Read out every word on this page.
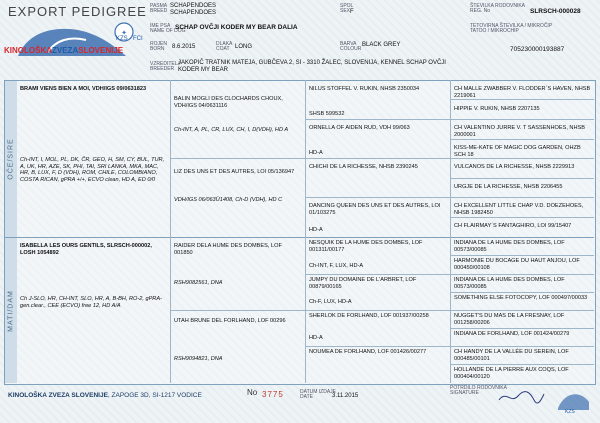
EXPORT PEDIGREE
✦
KZS - FCI
KINOLOŠKAZVEZASLOVENIJE
PASMA
BREED
SCHAPENDOES
SCHAPENDOES
SPOL
SEX F
ŠTEVILKA RODOVNIKA
REG. No	SLRSCH-000028
IME PSA
NAME OF DOG
SCHAP OVČJI KODER MY BEAR DALIA	TETOVIRNA ŠTEVILKA / MIKROČIP
TATOO / MIKROCHIP
ROJEN
BORN	8.6.2015	DLAKA
COAT LONG	BARVA
COLOUR
BLACK GREY
705230000193887
VZREDITELJ
BREEDER
JAKOPIČ TRATNIK MATEJA, GUBČEVA 2, SI - 3310 ŽALEC, SLOVENIJA, KENNEL SCHAP OVČJI
KODER MY BEAR
OČE/SIRE
MATI/DAM
BRAMI VIENS BIEN A MOI, VDH/IGS 09/0631823
Ch-INT, I, MOL, PL, DK, ČR, GEO, H, SM, CY, BUL, TUR, A, UK, HR, AZE, SK, PHI, TAI, SRI LANKA, MKA, MAC, HR, B, LUX, F, D (VDH), ROM, CHILE, COLOMBIANO, COSTA RICAN, gPRA +/+, ECVO clean, HD A, ED 0/0
BALIN MOGLI DES CLOCHARDS CHOUX, VDH/IGS 04/0631116
Ch-INT, A, PL, CR, LUX, CH, I, D(VDH), HD A
LIZ DES UNS ET DES AUTRES, LOI 05/136947
VDH/IGS 06/063Ü1408, Ch-D (VDH), HD C
NILUS STOFFEL V. RUKIN, NHSB 2350034
SHSB 599532
ORNELLA OF AIDEN RUD, VDH 99/063
HD-A
CHICHI DE LA RICHESSE, NHSB 2390245
DANCING QUEEN DES UNS ET DES AUTRES, LOI 01/103275
HD-A
CH MALLE ZWABBER V. FLODDER´S HAVEN, NHSB 2219061
HIPPIE V. RUKIN, NHSB 2207135
CH VALENTINO JURRE V. T SASSENHOES, NHSB 2000001
KISS-ME-KATE OF MAGIC DOG GARDEN, OHZB SCH 18
VULCANOS DE LA RICHESSE, NHSB 2229913
URGJE DE LA RICHESSE, NHSB 2206455
CH EXCELLENT LITTLE CHAP V.D. DOEZEHOES, NHSB 1982450
CH FLAIRMAY´S FANTAGHIRO, LOI 99/15407
ISABELLA LES OURS GENTILS, SLRSCH-000002, LOSH 1054892
Ch J-SLO, HR, CH-INT, SLO, HR, A, B-BH, RO-2, gPRA-gen.clear., CEE (ECVO) free 12, HD A/A
RAIDER DELA HUME DES DOMBES, LOF 001850
RSH9082561, DNA
UTAH BRUNE DEL FORLHAND, LOF 00296
RSH9094821, DNA
NESQUIK DE LA HUME DES DOMBES, LOF 001311/00177
Ch-INT, F, LUX, HD-A
JUMPY DU DOMAINE DE L'ARBRET, LOF 00879/00165
Ch-F, LUX, HD-A
SHERLOK DE FORLHAND, LOF 001937/00258
HD-A
NOUMEA DE FORLHAND, LOF 001426/00277
INDIANA DE LA HUME DES DOMBES, LOF 00573/00085
HARMONIE DU BOCAGE DU HAUT ANJOU, LOF 000450/00108
INDIANA DE LA HUME DES DOMBES, LOF 00573/00085
SOMETHING ELSE FOTOCOPY, LOF 000497/00033
NUGGET'S DU MAS DE LA FRESNAY, LOF 001258/00206
INDIANA DE FORLHAND, LOF 001424/00279
CH HANDY DE LA VALLÉE DU SEREIN, LOF 000485/00101
HOLLANDE DE LA PIERRE AUX COQS, LOF 000404/00120
KINOLOŠKA ZVEZA SLOVENIJE, ZAPOGE 3D, SI-1217 VODICE	No 3775	DATUM IZDAJE
DATE	3.11.2015
POTRDILO RODOVNIKA
SIGNATURE
KZS
